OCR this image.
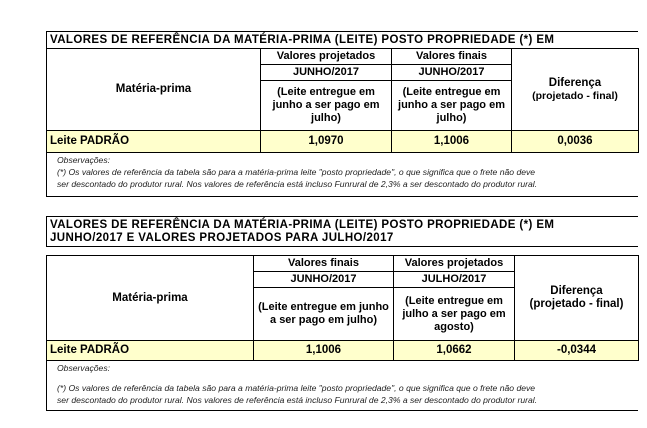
VALORES DE REFERÊNCIA DA MATÉRIA-PRIMA (LEITE) POSTO PROPRIEDADE (*) EM
Matéria-prima	Valores projetados	Valores finais	Diferença
(projetado - final)

	JUNHO/2017	JUNHO/2017	
	(Leite entregue em junho a ser pago em julho)	(Leite entregue em junho a ser pago em julho)	
Leite PADRÃO	1,0970	1,1006	0,0036
Observações:
(*) Os valores de referência da tabela são para a matéria-prima leite "posto propriedade", o que significa que o frete não deve
ser descontado do produtor rural. Nos valores de referência está incluso Funrural de 2,3% a ser descontado do produtor rural.
VALORES DE REFERÊNCIA DA MATÉRIA-PRIMA (LEITE) POSTO PROPRIEDADE (*) EM
JUNHO/2017 E VALORES PROJETADOS PARA JULHO/2017
Matéria-prima	Valores finais	Valores projetados	Diferença
(projetado - final)

	JUNHO/2017	JULHO/2017	
	(Leite entregue em junho a ser pago em julho)	(Leite entregue em julho a ser pago em agosto)	
Leite PADRÃO	1,1006	1,0662	-0,0344
Observações:
(*) Os valores de referência da tabela são para a matéria-prima leite "posto propriedade", o que significa que o frete não deve
ser descontado do produtor rural. Nos valores de referência está incluso Funrural de 2,3% a ser descontado do produtor rural.
